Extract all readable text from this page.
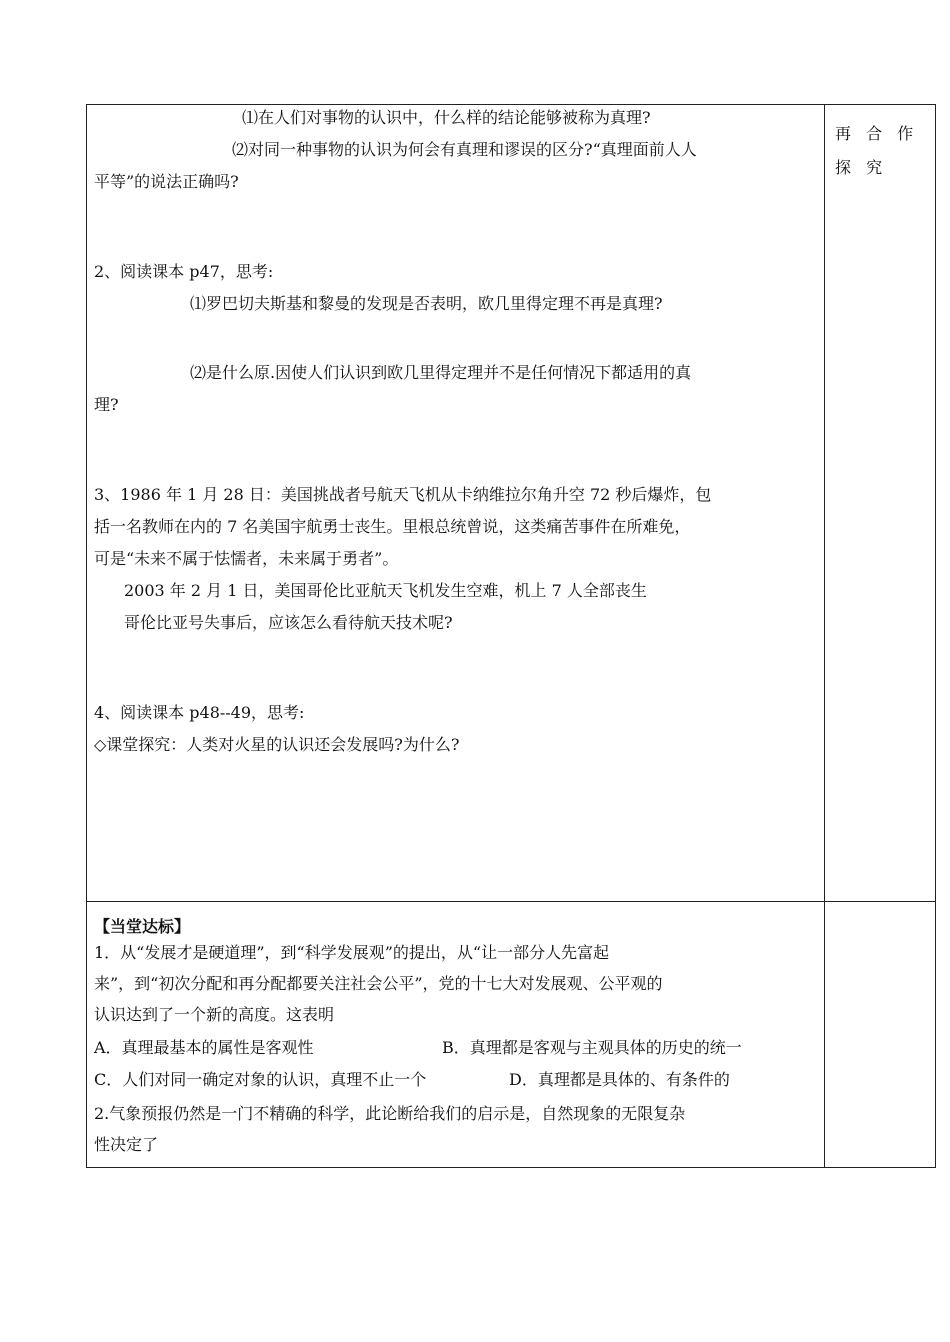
⑴在人们对事物的认识中，什么样的结论能够被称为真理?
⑵对同一种事物的认识为何会有真理和谬误的区分?“真理面前人人
平等”的说法正确吗?
2、阅读课本 p47，思考:
⑴罗巴切夫斯基和黎曼的发现是否表明，欧几里得定理不再是真理?
⑵是什么原.因使人们认识到欧几里得定理并不是任何情况下都适用的真
理?
3、1986 年 1 月 28 日：美国挑战者号航天飞机从卡纳维拉尔角升空 72 秒后爆炸，包
括一名教师在内的 7 名美国宇航勇士丧生。里根总统曾说，这类痛苦事件在所难免，
可是“未来不属于怯懦者，未来属于勇者”。
2003 年 2 月 1 日，美国哥伦比亚航天飞机发生空难，机上 7 人全部丧生
哥伦比亚号失事后，应该怎么看待航天技术呢?
4、阅读课本 p48--49，思考:
◇课堂探究：人类对火星的认识还会发展吗?为什么?
再 合 作 探 究
【当堂达标】
1．从“发展才是硬道理”，到“科学发展观”的提出，从“让一部分人先富起
来”，到“初次分配和再分配都要关注社会公平”，党的十七大对发展观、公平观的
认识达到了一个新的高度。这表明
A．真理最基本的属性是客观性	B．真理都是客观与主观具体的历史的统一
C．人们对同一确定对象的认识，真理不止一个	D．真理都是具体的、有条件的
2.气象预报仍然是一门不精确的科学，此论断给我们的启示是，自然现象的无限复杂
性决定了
